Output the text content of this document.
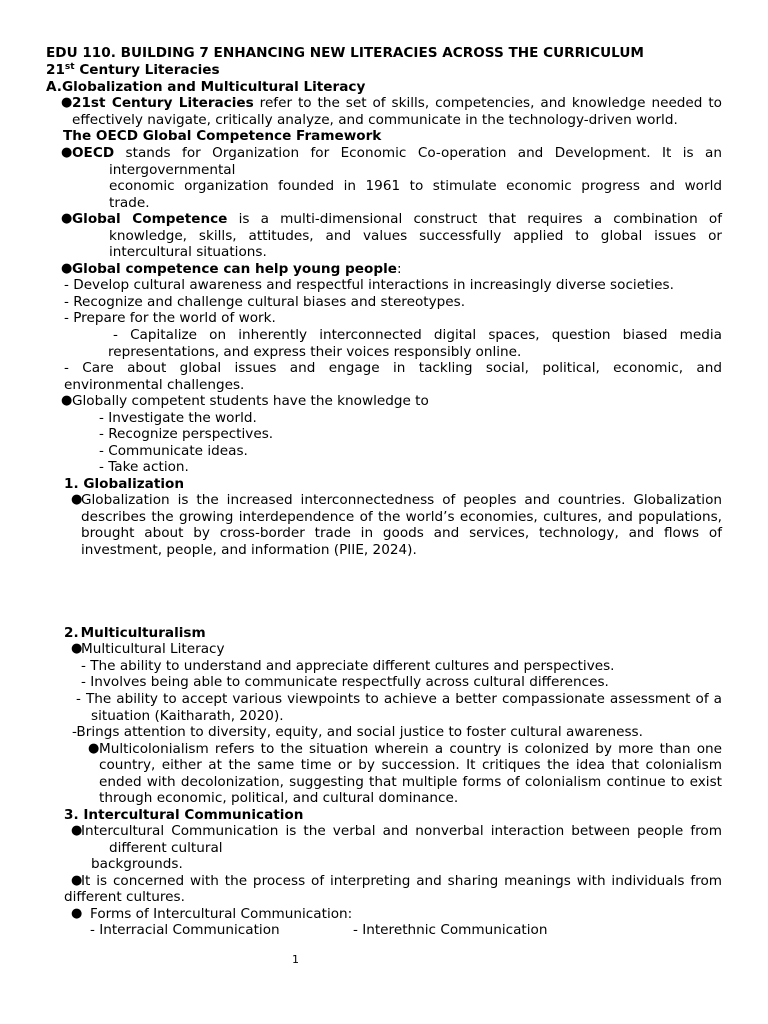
EDU 110. BUILDING 7 ENHANCING NEW LITERACIES ACROSS THE CURRICULUM
21st Century Literacies
A.Globalization and Multicultural Literacy
● 21st Century Literacies refer to the set of skills, competencies, and knowledge needed to
effectively navigate, critically analyze, and communicate in the technology-driven world.
The OECD Global Competence Framework
● OECD stands for Organization for Economic Co-operation and Development. It is an
intergovernmental
economic organization founded in 1961 to stimulate economic progress and world
trade.
● Global Competence is a multi-dimensional construct that requires a combination of
knowledge, skills, attitudes, and values successfully applied to global issues or
intercultural situations.
● Global competence can help young people:
- Develop cultural awareness and respectful interactions in increasingly diverse societies.
- Recognize and challenge cultural biases and stereotypes.
- Prepare for the world of work.
- Capitalize on inherently interconnected digital spaces, question biased media
representations, and express their voices responsibly online.
- Care about global issues and engage in tackling social, political, economic, and
environmental challenges.
● Globally competent students have the knowledge to
- Investigate the world.
- Recognize perspectives.
- Communicate ideas.
- Take action.
1. Globalization
●
Globalization is the increased interconnectedness of peoples and countries. Globalization
describes the growing interdependence of the world’s economies, cultures, and populations,
brought about by cross-border trade in goods and services, technology, and flows of
investment, people, and information (PIIE, 2024).
2. Multiculturalism
●
Multicultural Literacy
- The ability to understand and appreciate different cultures and perspectives.
- Involves being able to communicate respectfully across cultural differences.
- The ability to accept various viewpoints to achieve a better compassionate assessment of a
situation (Kaitharath, 2020).
-Brings attention to diversity, equity, and social justice to foster cultural awareness.
● Multicolonialism refers to the situation wherein a country is colonized by more than one
country, either at the same time or by succession. It critiques the idea that colonialism
ended with decolonization, suggesting that multiple forms of colonialism continue to exist
through economic, political, and cultural dominance.
3. Intercultural Communication
●
Intercultural Communication is the verbal and nonverbal interaction between people from
different cultural
backgrounds.
●
It is concerned with the process of interpreting and sharing meanings with individuals from
different cultures.
● Forms of Intercultural Communication:
- Interracial Communication	- Interethnic Communication
1
